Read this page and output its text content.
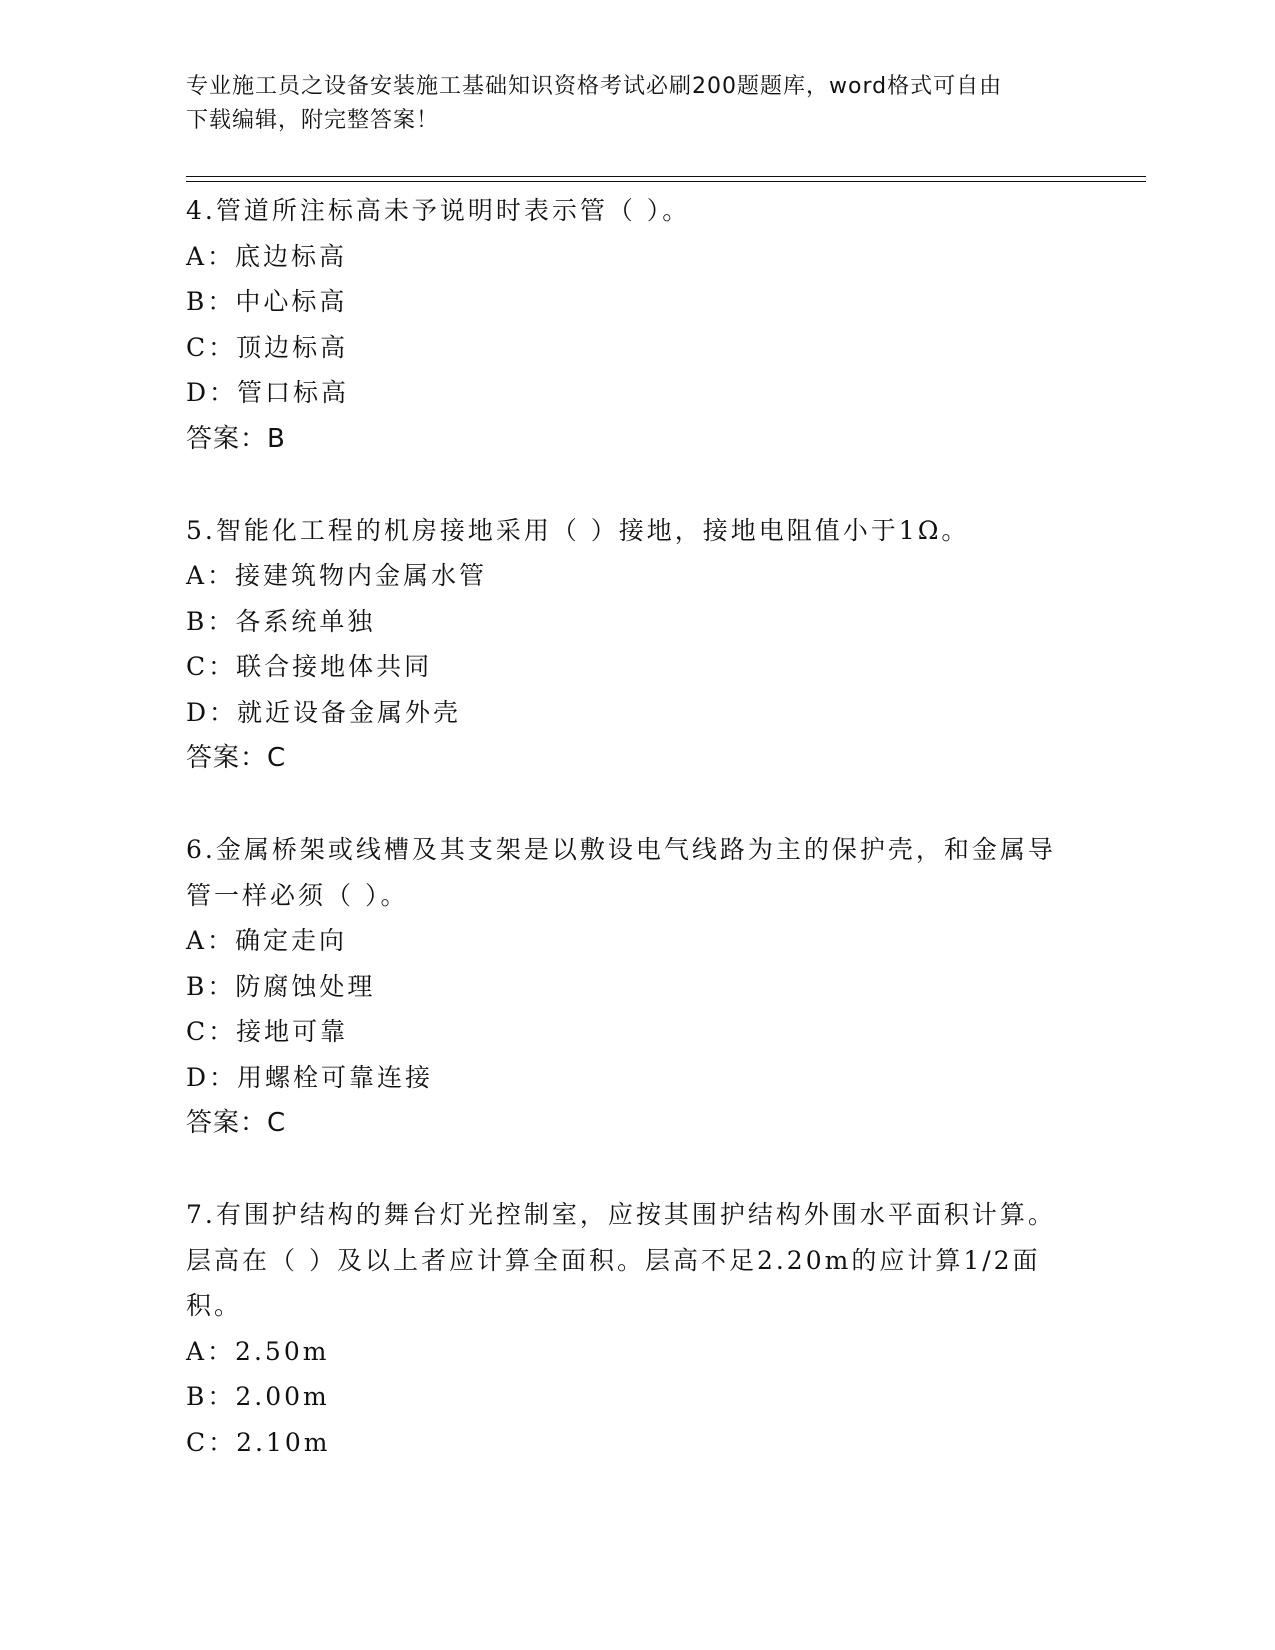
专业施工员之设备安装施工基础知识资格考试必刷200题题库，word格式可自由
下载编辑，附完整答案！
4.管道所注标高未予说明时表示管（ ）。
A：底边标高
B：中心标高
C：顶边标高
D：管口标高
答案：B
5.智能化工程的机房接地采用（ ）接地，接地电阻值小于1Ω。
A：接建筑物内金属水管
B：各系统单独
C：联合接地体共同
D：就近设备金属外壳
答案：C
6.金属桥架或线槽及其支架是以敷设电气线路为主的保护壳，和金属导管一样必须（ ）。
A：确定走向
B：防腐蚀处理
C：接地可靠
D：用螺栓可靠连接
答案：C
7.有围护结构的舞台灯光控制室，应按其围护结构外围水平面积计算。层高在（ ）及以上者应计算全面积。层高不足2.20m的应计算1/2面积。
A：2.50m
B：2.00m
C：2.10m
